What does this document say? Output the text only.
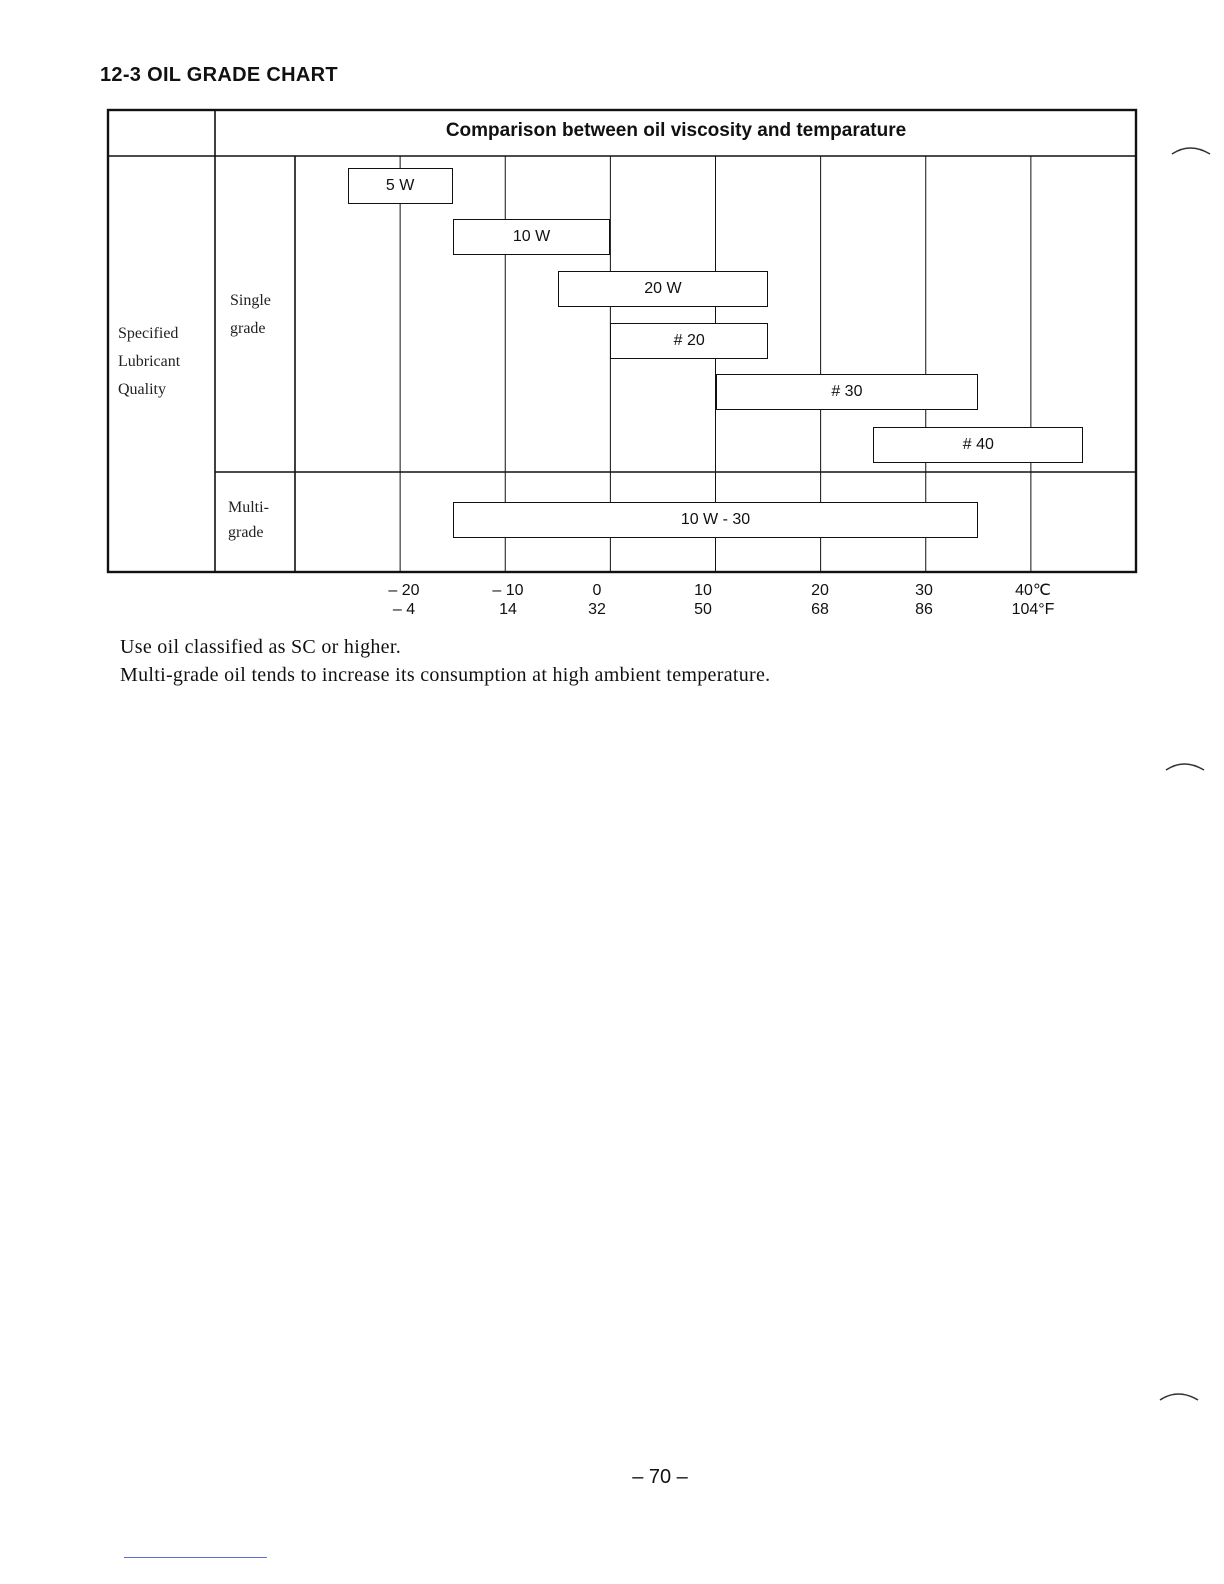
12-3 OIL GRADE CHART
Comparison between oil viscosity and temparature
Specified
Lubricant
Quality
Single
grade
Multi-
grade
5 W
10 W
20 W
# 20
# 30
# 40
10 W - 30
– 20	– 10	0	10	20	30	40℃
– 4	14	32	50	68	86	104°F
Use oil classified as SC or higher.
Multi-grade oil tends to increase its consumption at high ambient temperature.
– 70 –
